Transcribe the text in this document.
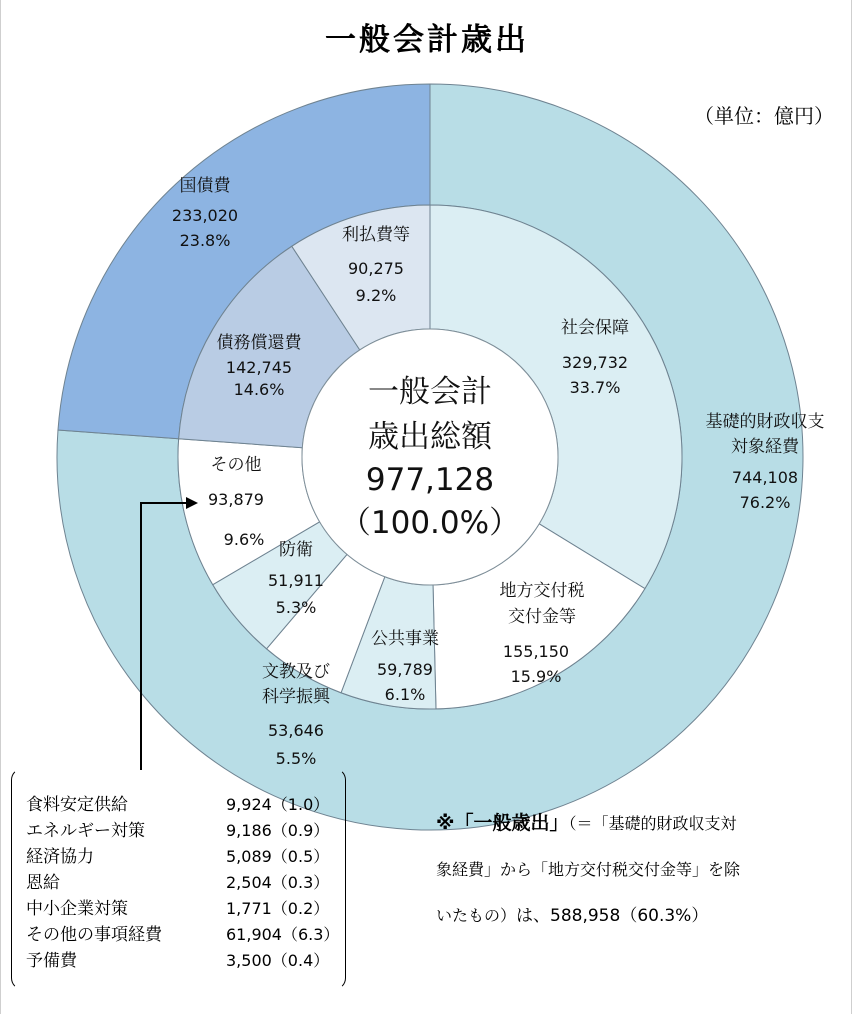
一般会計歳出
（単位：億円）
基礎的財政収支
対象経費
744,108
76.2%
国債費
233,020
23.8%
社会保障
329,732
33.7%
地方交付税
交付金等
155,150
15.9%
公共事業
59,789
6.1%
文教及び
科学振興
53,646
5.5%
防衛
51,911
5.3%
その他
93,879
9.6%
債務償還費
142,745
14.6%
利払費等
90,275
9.2%
一般会計
歳出総額
977,128
（100.0%）
食料安定供給	9,924（1.0）
エネルギー対策	9,186（0.9）
経済協力	5,089（0.5）
恩給	2,504（0.3）
中小企業対策	1,771（0.2）
その他の事項経費	61,904（6.3）
予備費	3,500（0.4）
※「一般歳出」（＝「基礎的財政収支対
象経費」から「地方交付税交付金等」を除
いたもの）は、588,958（60.3%）
